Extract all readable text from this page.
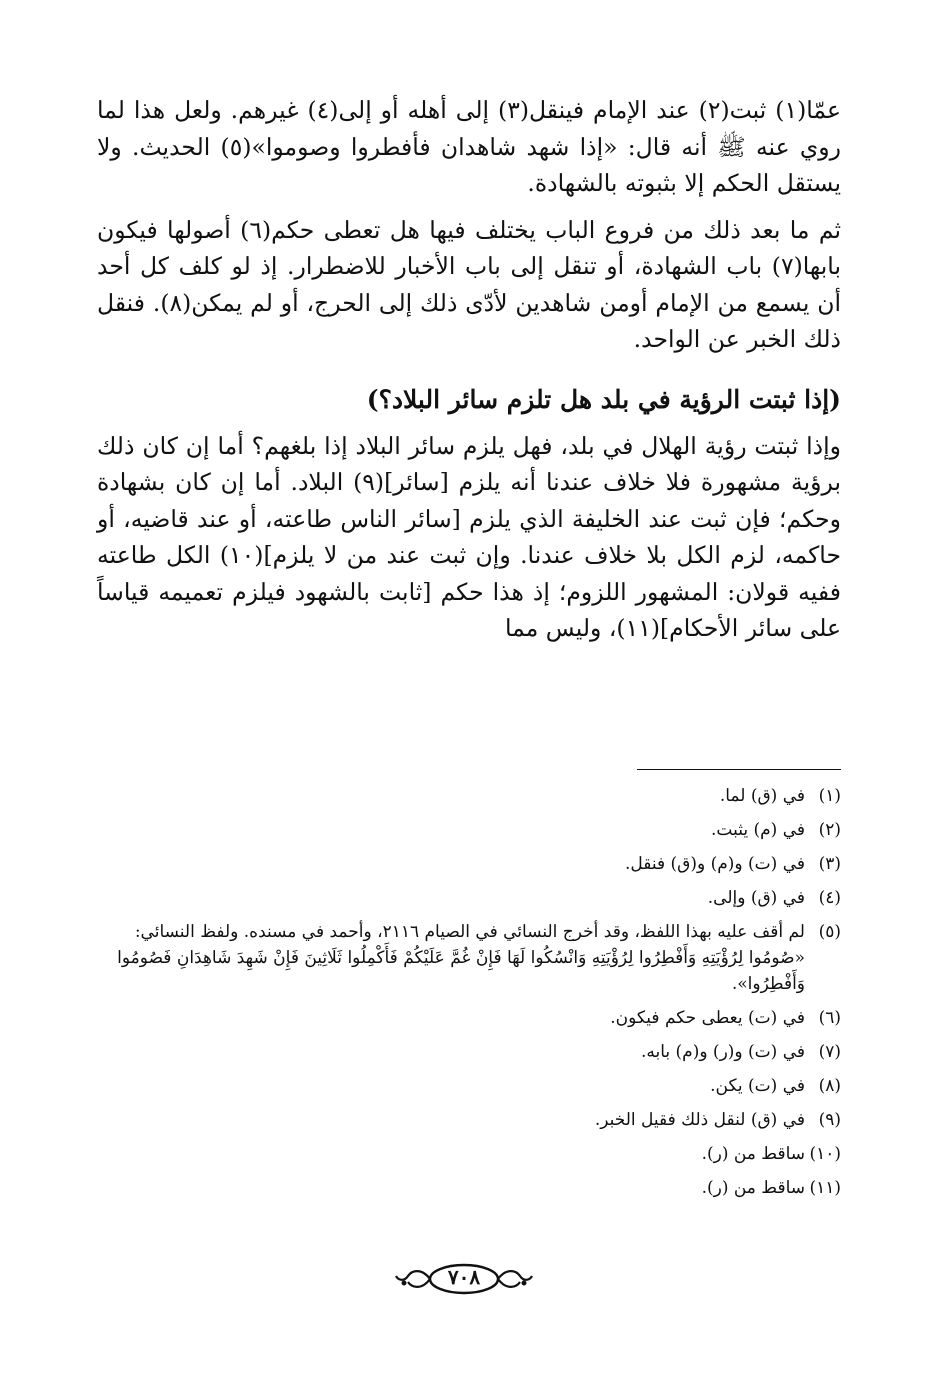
عمّا(١) ثبت(٢) عند الإمام فينقل(٣) إلى أهله أو إلى(٤) غيرهم. ولعل هذا لما روي عنه ﷺ أنه قال: «إذا شهد شاهدان فأفطروا وصوموا»(٥) الحديث. ولا يستقل الحكم إلا بثبوته بالشهادة.

ثم ما بعد ذلك من فروع الباب يختلف فيها هل تعطى حكم(٦) أصولها فيكون بابها(٧) باب الشهادة، أو تنقل إلى باب الأخبار للاضطرار. إذ لو كلف كل أحد أن يسمع من الإمام أومن شاهدين لأدّى ذلك إلى الحرج، أو لم يمكن(٨). فنقل ذلك الخبر عن الواحد.

(إذا ثبتت الرؤية في بلد هل تلزم سائر البلاد؟)

وإذا ثبتت رؤية الهلال في بلد، فهل يلزم سائر البلاد إذا بلغهم؟ أما إن كان ذلك برؤية مشهورة فلا خلاف عندنا أنه يلزم [سائر](٩) البلاد. أما إن كان بشهادة وحكم؛ فإن ثبت عند الخليفة الذي يلزم [سائر الناس طاعته، أو عند قاضيه، أو حاكمه، لزم الكل بلا خلاف عندنا. وإن ثبت عند من لا يلزم](١٠) الكل طاعته ففيه قولان: المشهور اللزوم؛ إذ هذا حكم [ثابت بالشهود فيلزم تعميمه قياساً على سائر الأحكام](١١)، وليس مما

(١)
في (ق) لما.
(٢)
في (م) يثبت.
(٣)
في (ت) و(م) و(ق) فنقل.
(٤)
في (ق) وإلى.
(٥)
لم أقف عليه بهذا اللفظ، وقد أخرج النسائي في الصيام ٢١١٦، وأحمد في مسنده. ولفظ النسائي: «صُومُوا لِرُؤْيَتِهِ وَأَفْطِرُوا لِرُؤْيَتِهِ وَانْسُكُوا لَهَا فَإِنْ غُمَّ عَلَيْكُمْ فَأَكْمِلُوا ثَلَاثِينَ فَإِنْ شَهِدَ شَاهِدَانِ فَصُومُوا وَأَفْطِرُوا».
(٦)
في (ت) يعطى حكم فيكون.
(٧)
في (ت) و(ر) و(م) بابه.
(٨)
في (ت) يكن.
(٩)
في (ق) لنقل ذلك فقيل الخبر.
(١٠)
ساقط من (ر).
(١١)
ساقط من (ر).
٧٠٨
